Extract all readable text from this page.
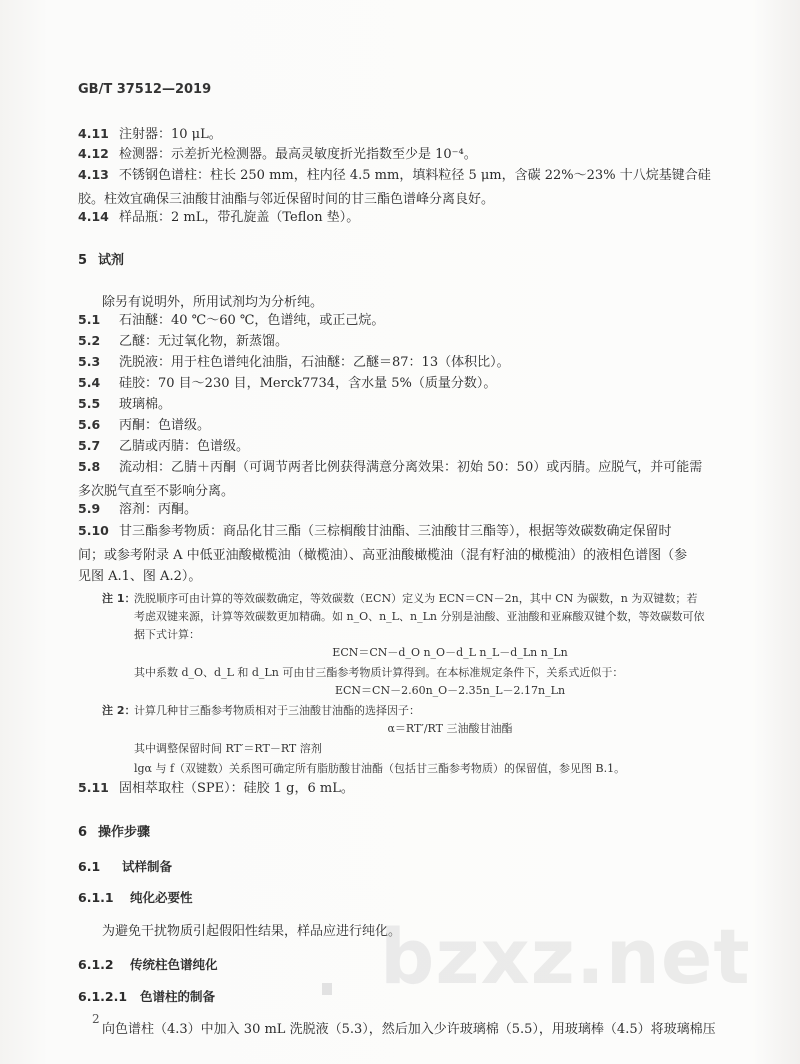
GB/T 37512—2019
4.11 注射器：10 μL。
4.12 检测器：示差折光检测器。最高灵敏度折光指数至少是 10⁻⁴。
4.13 不锈钢色谱柱：柱长 250 mm，柱内径 4.5 mm，填料粒径 5 μm，含碳 22%～23% 十八烷基键合硅
胶。柱效宜确保三油酸甘油酯与邻近保留时间的甘三酯色谱峰分离良好。
4.14 样品瓶：2 mL，带孔旋盖（Teflon 垫）。
5 试剂
除另有说明外，所用试剂均为分析纯。
5.1 石油醚：40 ℃～60 ℃，色谱纯，或正己烷。
5.2 乙醚：无过氧化物，新蒸馏。
5.3 洗脱液：用于柱色谱纯化油脂，石油醚：乙醚＝87：13（体积比）。
5.4 硅胶：70 目～230 目，Merck7734，含水量 5%（质量分数）。
5.5 玻璃棉。
5.6 丙酮：色谱级。
5.7 乙腈或丙腈：色谱级。
5.8 流动相：乙腈＋丙酮（可调节两者比例获得满意分离效果：初始 50：50）或丙腈。应脱气，并可能需
多次脱气直至不影响分离。
5.9 溶剂：丙酮。
5.10 甘三酯参考物质：商品化甘三酯（三棕榈酸甘油酯、三油酸甘三酯等），根据等效碳数确定保留时
间；或参考附录 A 中低亚油酸橄榄油（橄榄油）、高亚油酸橄榄油（混有籽油的橄榄油）的液相色谱图（参
见图 A.1、图 A.2）。
注 1：
洗脱顺序可由计算的等效碳数确定，等效碳数（ECN）定义为 ECN＝CN－2n，其中 CN 为碳数，n 为双键数；若
考虑双键来源，计算等效碳数更加精确。如 n_O、n_L、n_Ln 分别是油酸、亚油酸和亚麻酸双键个数，等效碳数可依
据下式计算：
ECN＝CN－d_O n_O－d_L n_L－d_Ln n_Ln
其中系数 d_O、d_L 和 d_Ln 可由甘三酯参考物质计算得到。在本标准规定条件下，关系式近似于：
ECN＝CN－2.60n_O－2.35n_L－2.17n_Ln
注 2：
计算几种甘三酯参考物质相对于三油酸甘油酯的选择因子：
α＝RT′/RT 三油酸甘油酯
其中调整保留时间 RT′＝RT－RT 溶剂
lgα 与 f（双键数）关系图可确定所有脂肪酸甘油酯（包括甘三酯参考物质）的保留值，参见图 B.1。
5.11 固相萃取柱（SPE）：硅胶 1 g，6 mL。
6 操作步骤
6.1 试样制备
6.1.1 纯化必要性
为避免干扰物质引起假阳性结果，样品应进行纯化。
6.1.2 传统柱色谱纯化
6.1.2.1 色谱柱的制备
向色谱柱（4.3）中加入 30 mL 洗脱液（5.3），然后加入少许玻璃棉（5.5），用玻璃棒（4.5）将玻璃棉压
2
bzxz.net
